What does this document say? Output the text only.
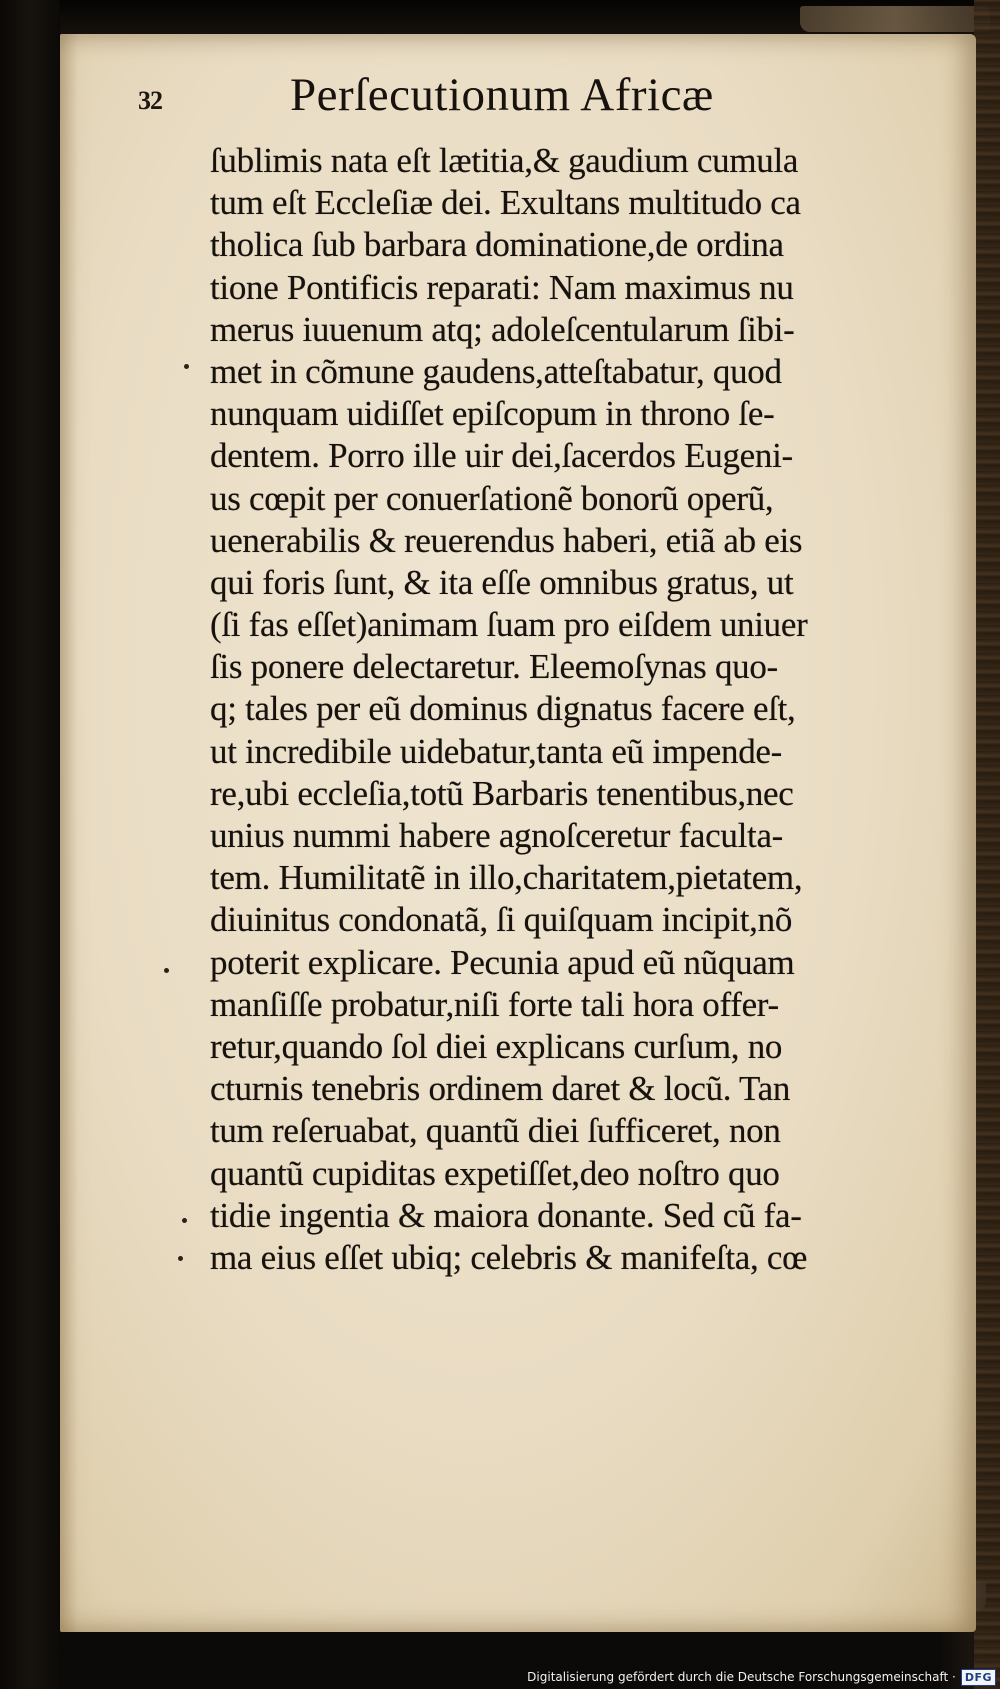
32	Perſecutionum Africæ
ſublimis nata eſt lætitia,& gaudium cumula
tum eſt Eccleſiæ dei. Exultans multitudo ca
tholica ſub barbara dominatione,de ordina
tione Pontificis reparati: Nam maximus nu
merus iuuenum atq; adoleſcentularum ſibi-
met in cõmune gaudens,atteſtabatur, quod
nunquam uidiſſet epiſcopum in throno ſe-
dentem. Porro ille uir dei,ſacerdos Eugeni-
us cœpit per conuerſationẽ bonorũ operũ,
uenerabilis & reuerendus haberi, etiã ab eis
qui foris ſunt, & ita eſſe omnibus gratus, ut
(ſi fas eſſet)animam ſuam pro eiſdem uniuer
ſis ponere delectaretur. Eleemoſynas quo-
q; tales per eũ dominus dignatus facere eſt,
ut incredibile uidebatur,tanta eũ impende-
re,ubi eccleſia,totũ Barbaris tenentibus,nec
unius nummi habere agnoſceretur faculta-
tem. Humilitatẽ in illo,charitatem,pietatem,
diuinitus condonatã, ſi quiſquam incipit,nõ
poterit explicare. Pecunia apud eũ nũquam
manſiſſe probatur,niſi forte tali hora offer-
retur,quando ſol diei explicans curſum, no
cturnis tenebris ordinem daret & locũ. Tan
tum reſeruabat, quantũ diei ſufficeret, non
quantũ cupiditas expetiſſet,deo noſtro quo
tidie ingentia & maiora donante. Sed cũ fa-
ma eius eſſet ubiq; celebris & manifeſta, cœ
Digitalisierung gefördert durch die Deutsche Forschungsgemeinschaft · DFG
